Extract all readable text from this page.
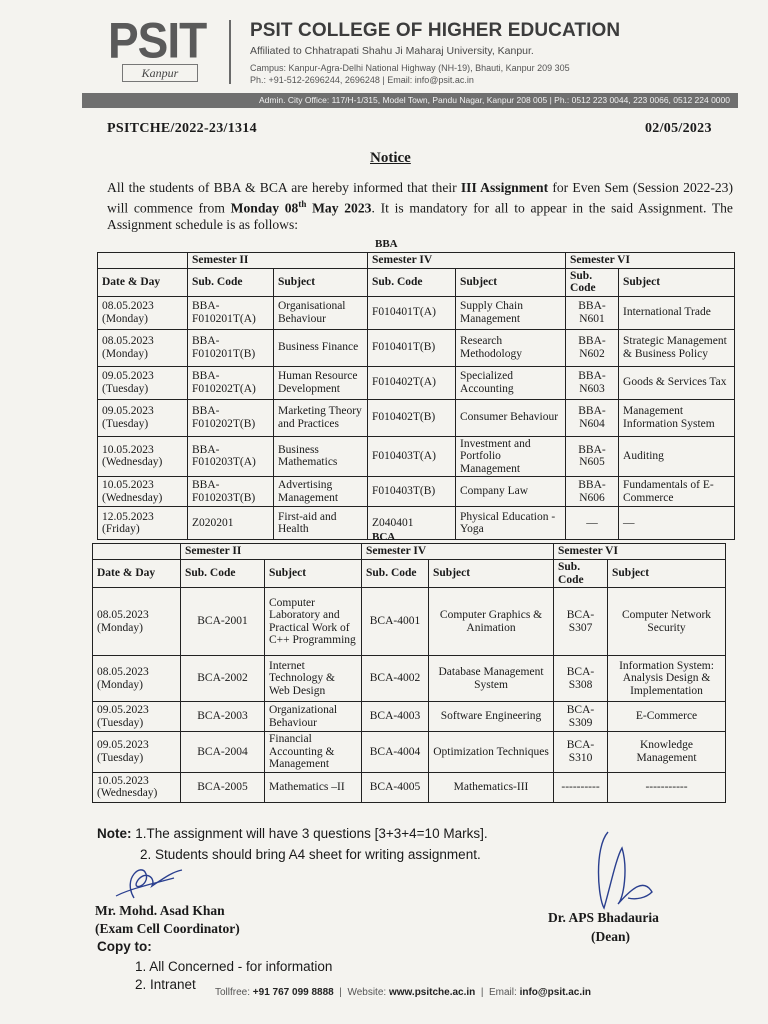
PSIT
Kanpur
PSIT COLLEGE OF HIGHER EDUCATION
Affiliated to Chhatrapati Shahu Ji Maharaj University, Kanpur.
Campus: Kanpur-Agra-Delhi National Highway (NH-19), Bhauti, Kanpur 209 305
Ph.: +91-512-2696244, 2696248 | Email: info@psit.ac.in
Admin. City Office: 117/H-1/315, Model Town, Pandu Nagar, Kanpur 208 005 | Ph.: 0512 223 0044, 223 0066, 0512 224 0000
PSITCHE/2022-23/1314	02/05/2023
Notice
All the students of BBA & BCA are hereby informed that their III Assignment for Even Sem (Session 2022-23) will commence from Monday 08th May 2023. It is mandatory for all to appear in the said Assignment. The Assignment schedule is as follows:
BBA
	Semester II		Semester IV		Semester VI	
Date & Day	Sub. Code	Subject	Sub. Code	Subject	Sub. Code	Subject

08.05.2023
(Monday)	BBA-F010201T(A)	Organisational Behaviour	F010401T(A)	Supply Chain Management	BBA-N601	International Trade

08.05.2023
(Monday)	BBA-F010201T(B)	Business Finance	F010401T(B)	Research Methodology	BBA-N602	Strategic Management & Business Policy

09.05.2023
(Tuesday)	BBA-F010202T(A)	Human Resource Development	F010402T(A)	Specialized Accounting	BBA-N603	Goods & Services Tax

09.05.2023
(Tuesday)	BBA-F010202T(B)	Marketing Theory and Practices	F010402T(B)	Consumer Behaviour	BBA-N604	Management Information System

10.05.2023
(Wednesday)	BBA-F010203T(A)	Business Mathematics	F010403T(A)	Investment and Portfolio Management	BBA-N605	Auditing

10.05.2023
(Wednesday)	BBA-F010203T(B)	Advertising Management	F010403T(B)	Company Law	BBA-N606	Fundamentals of E-Commerce

12.05.2023
(Friday)	Z020201	First-aid and Health	Z040401	Physical Education - Yoga	—	—
BCA
	Semester II		Semester IV		Semester VI	
Date & Day	Sub. Code	Subject	Sub. Code	Subject	Sub. Code	Subject

08.05.2023
(Monday)	BCA-2001	Computer Laboratory and Practical Work of C++ Programming	BCA-4001	Computer Graphics & Animation	BCA-S307	Computer Network Security

08.05.2023
(Monday)	BCA-2002	Internet Technology & Web Design	BCA-4002	Database Management System	BCA-S308	Information System: Analysis Design & Implementation

09.05.2023
(Tuesday)	BCA-2003	Organizational Behaviour	BCA-4003	Software Engineering	BCA-S309	E-Commerce

09.05.2023
(Tuesday)	BCA-2004	Financial Accounting & Management	BCA-4004	Optimization Techniques	BCA-S310	Knowledge Management

10.05.2023
(Wednesday)	BCA-2005	Mathematics –II	BCA-4005	Mathematics-III	----------	-----------
Note: 1.The assignment will have 3 questions [3+3+4=10 Marks].
2. Students should bring A4 sheet for writing assignment.
Mr. Mohd. Asad Khan
(Exam Cell Coordinator)
Dr. APS Bhadauria
(Dean)
Copy to:
1. All Concerned - for information
2. Intranet
Tollfree: +91 767 099 8888  |  Website: www.psitche.ac.in  |  Email: info@psit.ac.in
